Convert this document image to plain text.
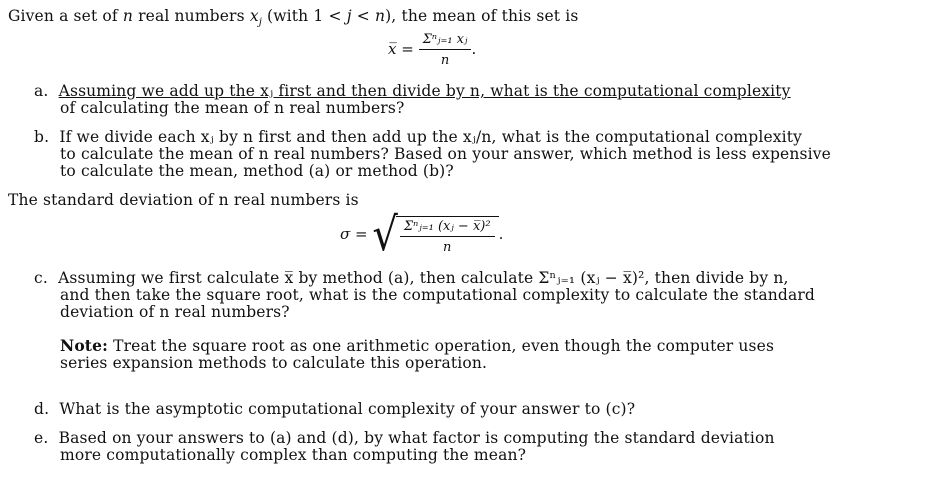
Given a set of n real numbers $x_j$ (with 1 < j < n), the mean of this set is
x̅ = $\frac{\text{Σⁿⱼ₌₁ xⱼ}}{n}$ .
a. Assuming we add up the xⱼ first and then divide by n, what is the computational complexity
of calculating the mean of n real numbers?
b. If we divide each xⱼ by n first and then add up the xⱼ/n, what is the computational complexity
to calculate the mean of n real numbers? Based on your answer, which method is less expensive
to calculate the mean, method (a) or method (b)?
The standard deviation of n real numbers is
σ = √ $\frac{\text{Σⁿⱼ₌₁ (xⱼ − x̅)²}}{n}$ .
c. Assuming we first calculate x̅ by method (a), then calculate Σⁿⱼ₌₁ (xⱼ − x̅)², then divide by n,
and then take the square root, what is the computational complexity to calculate the standard
deviation of n real numbers?
Note: Treat the square root as one arithmetic operation, even though the computer uses
series expansion methods to calculate this operation.
d. What is the asymptotic computational complexity of your answer to (c)?
e. Based on your answers to (a) and (d), by what factor is computing the standard deviation
more computationally complex than computing the mean?
